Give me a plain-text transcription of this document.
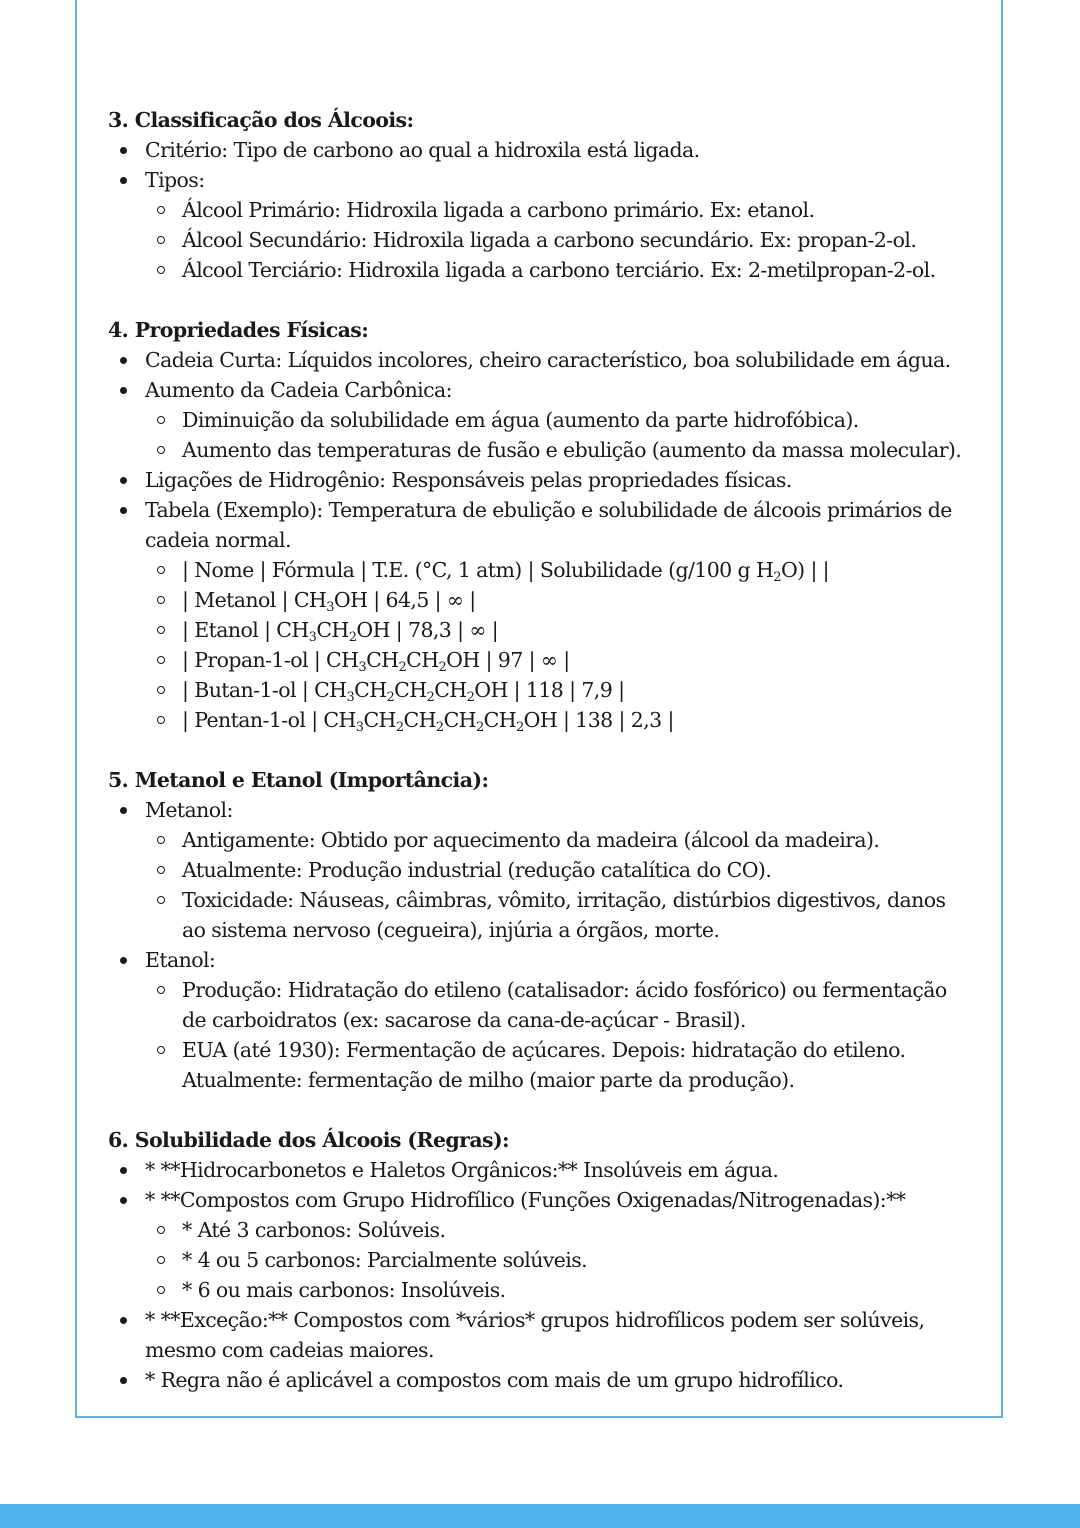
3. Classificação dos Álcoois:
Critério: Tipo de carbono ao qual a hidroxila está ligada.
Tipos:
Álcool Primário: Hidroxila ligada a carbono primário. Ex: etanol.
Álcool Secundário: Hidroxila ligada a carbono secundário. Ex: propan-2-ol.
Álcool Terciário: Hidroxila ligada a carbono terciário. Ex: 2-metilpropan-2-ol.
4. Propriedades Físicas:
Cadeia Curta: Líquidos incolores, cheiro característico, boa solubilidade em água.
Aumento da Cadeia Carbônica:
Diminuição da solubilidade em água (aumento da parte hidrofóbica).
Aumento das temperaturas de fusão e ebulição (aumento da massa molecular).
Ligações de Hidrogênio: Responsáveis pelas propriedades físicas.
Tabela (Exemplo): Temperatura de ebulição e solubilidade de álcoois primários de cadeia normal.
| Nome | Fórmula | T.E. (°C, 1 atm) | Solubilidade (g/100 g $H_2O$) | |
| Metanol | $CH_3OH$ | 64,5 | ∞ |
| Etanol | $CH_3CH_2OH$ | 78,3 | ∞ |
| Propan-1-ol | $CH_3CH_2CH_2OH$ | 97 | ∞ |
| Butan-1-ol | $CH_3CH_2CH_2CH_2OH$ | 118 | 7,9 |
| Pentan-1-ol | $CH_3CH_2CH_2CH_2CH_2OH$ | 138 | 2,3 |
5. Metanol e Etanol (Importância):
Metanol:
Antigamente: Obtido por aquecimento da madeira (álcool da madeira).
Atualmente: Produção industrial (redução catalítica do CO).
Toxicidade: Náuseas, câimbras, vômito, irritação, distúrbios digestivos, danos ao sistema nervoso (cegueira), injúria a órgãos, morte.
Etanol:
Produção: Hidratação do etileno (catalisador: ácido fosfórico) ou fermentação de carboidratos (ex: sacarose da cana-de-açúcar - Brasil).
EUA (até 1930): Fermentação de açúcares. Depois: hidratação do etileno. Atualmente: fermentação de milho (maior parte da produção).
6. Solubilidade dos Álcoois (Regras):
* **Hidrocarbonetos e Haletos Orgânicos:** Insolúveis em água.
* **Compostos com Grupo Hidrofílico (Funções Oxigenadas/Nitrogenadas):**
* Até 3 carbonos: Solúveis.
* 4 ou 5 carbonos: Parcialmente solúveis.
* 6 ou mais carbonos: Insolúveis.
* **Exceção:** Compostos com *vários* grupos hidrofílicos podem ser solúveis, mesmo com cadeias maiores.
* Regra não é aplicável a compostos com mais de um grupo hidrofílico.
